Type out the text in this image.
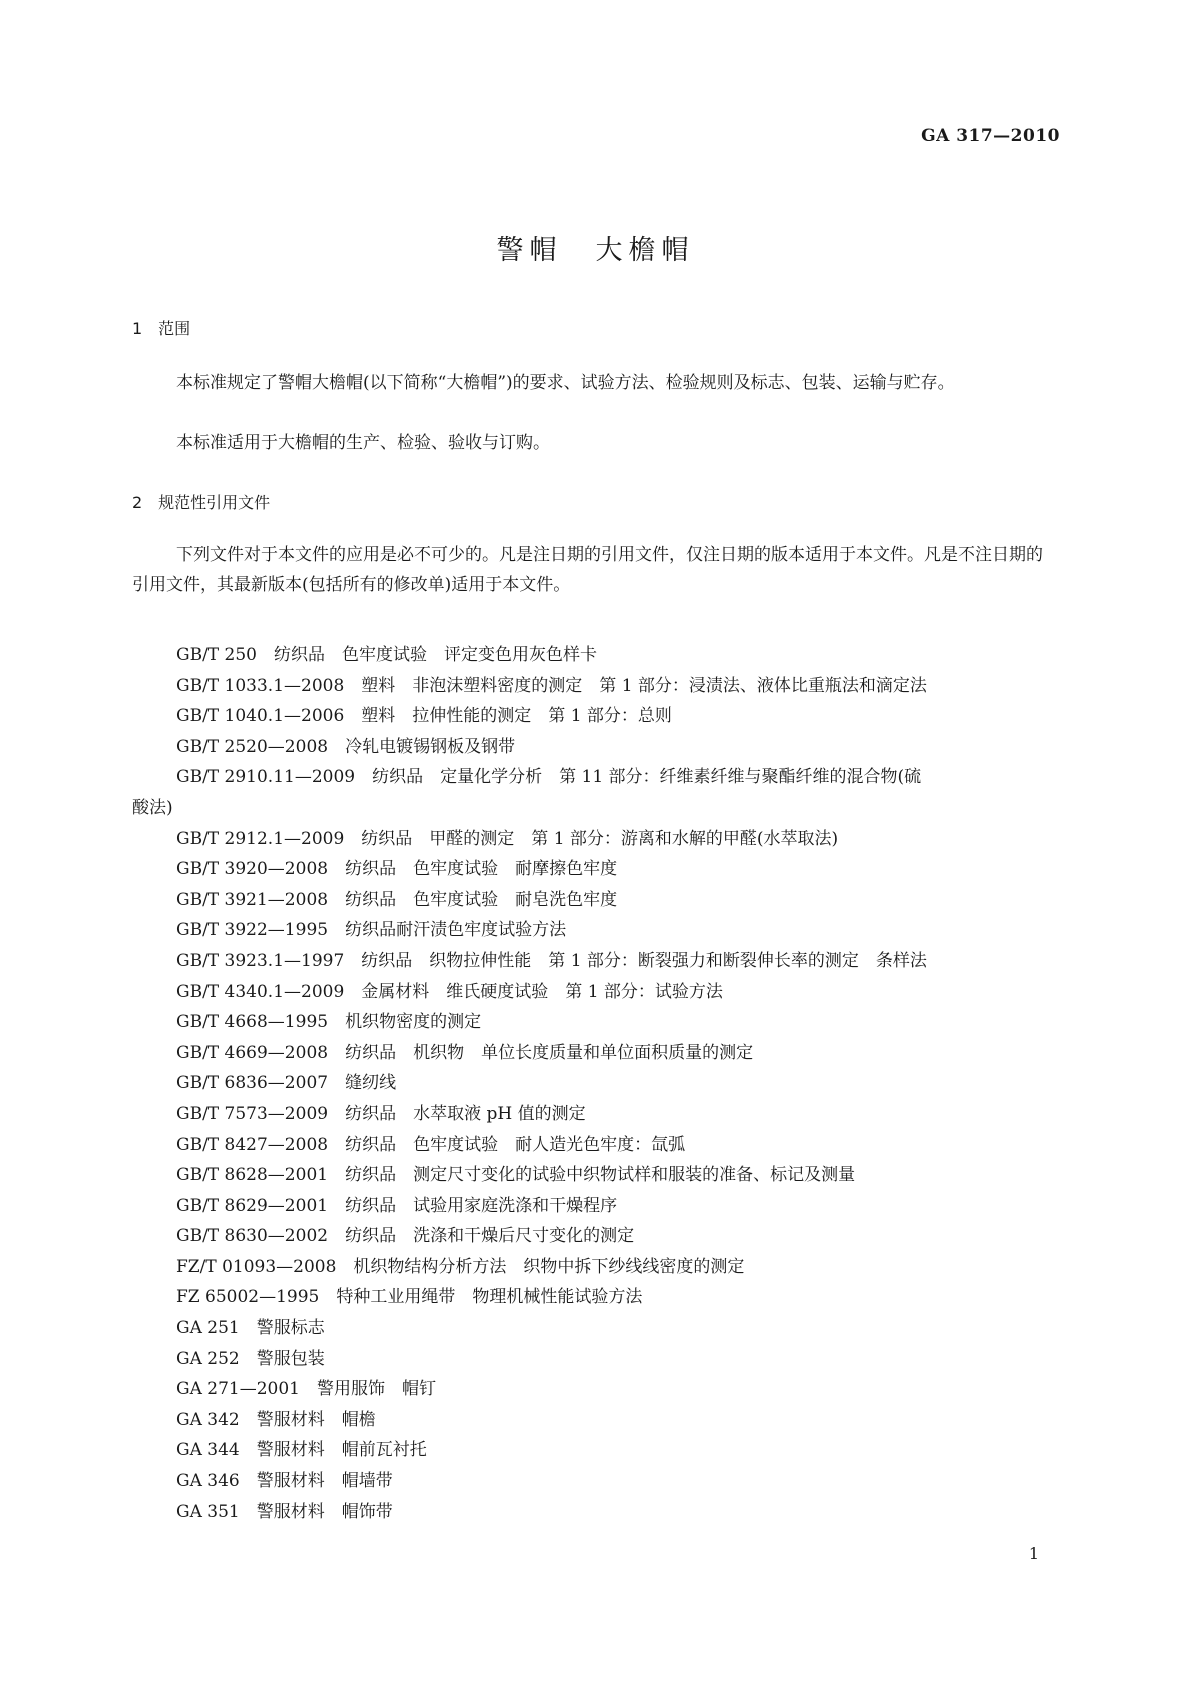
GA 317—2010
警帽　大檐帽
1　范围

本标准规定了警帽大檐帽(以下简称“大檐帽”)的要求、试验方法、检验规则及标志、包装、运输与贮存。

本标准适用于大檐帽的生产、检验、验收与订购。

2　规范性引用文件

下列文件对于本文件的应用是必不可少的。凡是注日期的引用文件，仅注日期的版本适用于本文件。凡是不注日期的引用文件，其最新版本(包括所有的修改单)适用于本文件。

GB/T 250　纺织品　色牢度试验　评定变色用灰色样卡
GB/T 1033.1—2008　塑料　非泡沫塑料密度的测定　第 1 部分：浸渍法、液体比重瓶法和滴定法
GB/T 1040.1—2006　塑料　拉伸性能的测定　第 1 部分：总则
GB/T 2520—2008　冷轧电镀锡钢板及钢带
GB/T 2910.11—2009　纺织品　定量化学分析　第 11 部分：纤维素纤维与聚酯纤维的混合物(硫
酸法)
GB/T 2912.1—2009　纺织品　甲醛的测定　第 1 部分：游离和水解的甲醛(水萃取法)
GB/T 3920—2008　纺织品　色牢度试验　耐摩擦色牢度
GB/T 3921—2008　纺织品　色牢度试验　耐皂洗色牢度
GB/T 3922—1995　纺织品耐汗渍色牢度试验方法
GB/T 3923.1—1997　纺织品　织物拉伸性能　第 1 部分：断裂强力和断裂伸长率的测定　条样法
GB/T 4340.1—2009　金属材料　维氏硬度试验　第 1 部分：试验方法
GB/T 4668—1995　机织物密度的测定
GB/T 4669—2008　纺织品　机织物　单位长度质量和单位面积质量的测定
GB/T 6836—2007　缝纫线
GB/T 7573—2009　纺织品　水萃取液 pH 值的测定
GB/T 8427—2008　纺织品　色牢度试验　耐人造光色牢度：氙弧
GB/T 8628—2001　纺织品　测定尺寸变化的试验中织物试样和服装的准备、标记及测量
GB/T 8629—2001　纺织品　试验用家庭洗涤和干燥程序
GB/T 8630—2002　纺织品　洗涤和干燥后尺寸变化的测定
FZ/T 01093—2008　机织物结构分析方法　织物中拆下纱线线密度的测定
FZ 65002—1995　特种工业用绳带　物理机械性能试验方法
GA 251　警服标志
GA 252　警服包装
GA 271—2001　警用服饰　帽钉
GA 342　警服材料　帽檐
GA 344　警服材料　帽前瓦衬托
GA 346　警服材料　帽墙带
GA 351　警服材料　帽饰带
1
